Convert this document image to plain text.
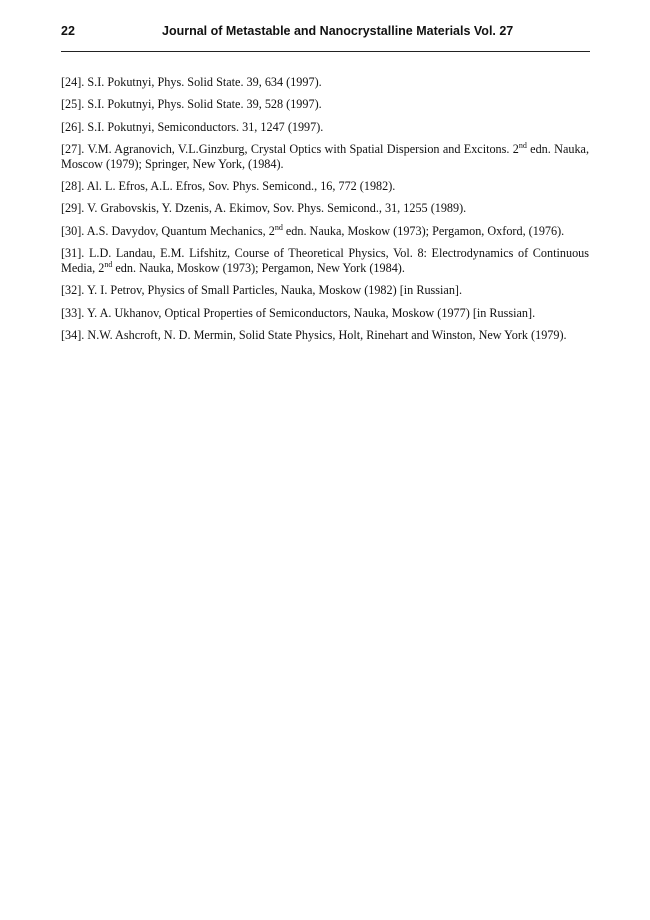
22	Journal of Metastable and Nanocrystalline Materials Vol. 27
[24]. S.I. Pokutnyi, Phys. Solid State. 39, 634 (1997).
[25]. S.I. Pokutnyi, Phys. Solid State. 39, 528 (1997).
[26]. S.I. Pokutnyi, Semiconductors. 31, 1247 (1997).
[27]. V.M. Agranovich, V.L.Ginzburg, Crystal Optics with Spatial Dispersion and Excitons. 2nd edn. Nauka, Moscow (1979); Springer, New York, (1984).
[28]. Al. L. Efros, A.L. Efros, Sov. Phys. Semicond., 16, 772 (1982).
[29]. V. Grabovskis, Y. Dzenis, A. Ekimov, Sov. Phys. Semicond., 31, 1255 (1989).
[30]. A.S. Davydov, Quantum Mechanics, 2nd edn. Nauka, Moskow (1973); Pergamon, Oxford, (1976).
[31]. L.D. Landau, E.M. Lifshitz, Course of Theoretical Physics, Vol. 8: Electrodynamics of Continuous Media, 2nd edn. Nauka, Moskow (1973); Pergamon, New York (1984).
[32]. Y. I. Petrov, Physics of Small Particles, Nauka, Moskow (1982) [in Russian].
[33]. Y. A. Ukhanov, Optical Properties of Semiconductors, Nauka, Moskow (1977) [in Russian].
[34]. N.W. Ashcroft, N. D. Mermin, Solid State Physics, Holt, Rinehart and Winston, New York (1979).
